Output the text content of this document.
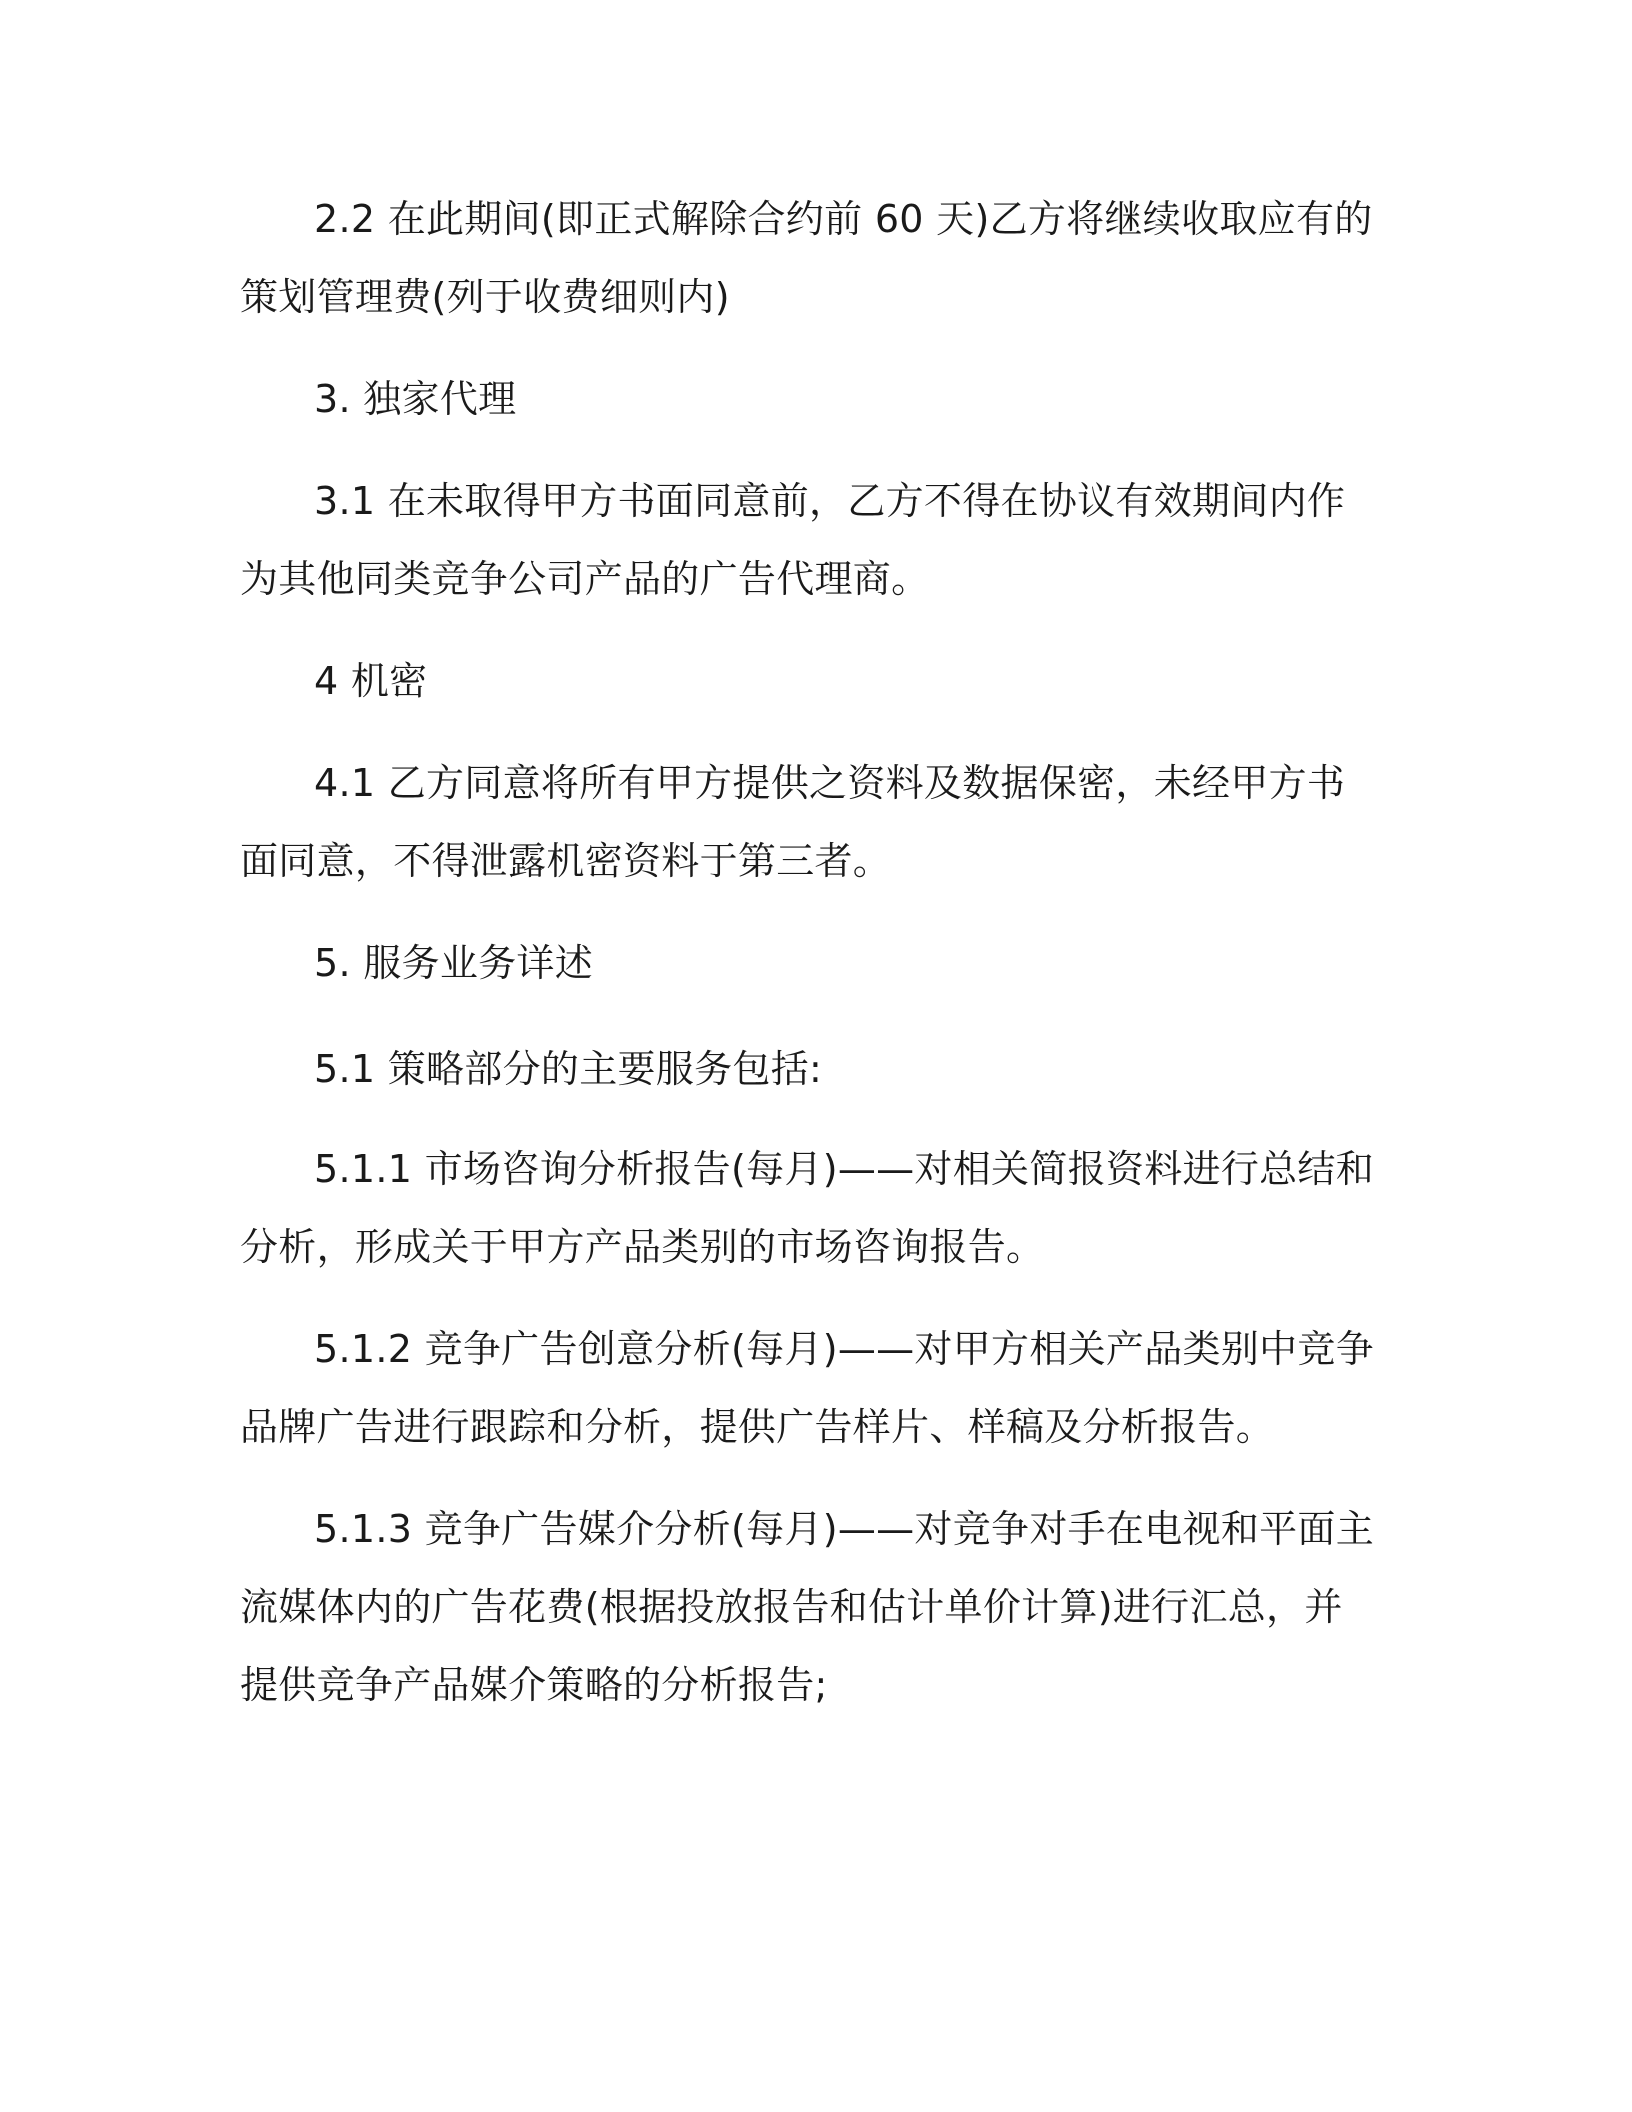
2.2 在此期间(即正式解除合约前 60 天)乙方将继续收取应有的策划管理费(列于收费细则内)

3. 独家代理

3.1 在未取得甲方书面同意前，乙方不得在协议有效期间内作为其他同类竞争公司产品的广告代理商。

4 机密

4.1 乙方同意将所有甲方提供之资料及数据保密，未经甲方书面同意，不得泄露机密资料于第三者。

5. 服务业务详述

5.1 策略部分的主要服务包括:

5.1.1 市场咨询分析报告(每月)——对相关简报资料进行总结和分析，形成关于甲方产品类别的市场咨询报告。

5.1.2 竞争广告创意分析(每月)——对甲方相关产品类别中竞争品牌广告进行跟踪和分析，提供广告样片、样稿及分析报告。

5.1.3 竞争广告媒介分析(每月)——对竞争对手在电视和平面主流媒体内的广告花费(根据投放报告和估计单价计算)进行汇总，并提供竞争产品媒介策略的分析报告;
